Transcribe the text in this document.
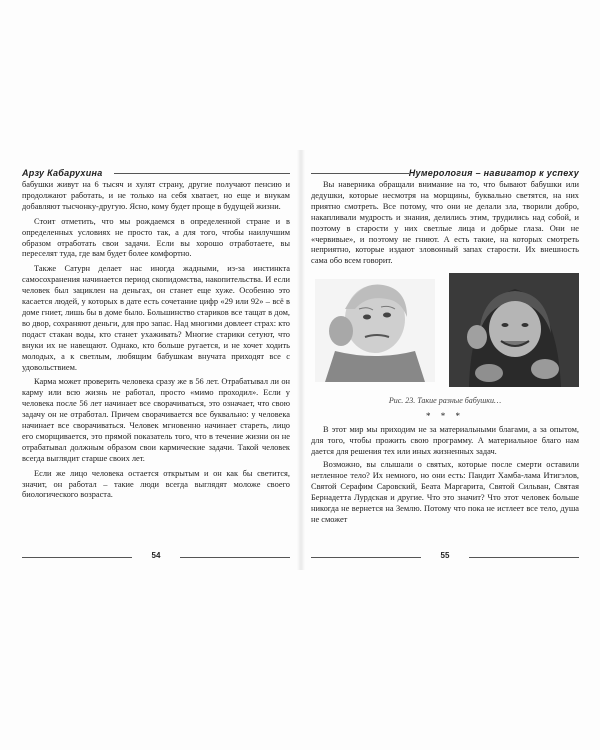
Арзу Кабарухина

бабушки живут на 6 тысяч и хулят страну, другие получают пенсию и продолжают работать, и не только на себя хватает, но еще и внукам добавляют тысчонку-другую. Ясно, кому будет проще в будущей жизни.

Стоит отметить, что мы рождаемся в определенной стране и в определенных условиях не просто так, а для того, чтобы наилучшим образом отработать свои задачи. Если вы хорошо отработаете, вы переселят туда, где вам будет более комфортно.

Также Сатурн делает нас иногда жадными, из-за инстинкта самосохранения начинается период скопидомства, накопительства. И если человек был зациклен на деньгах, он станет еще хуже. Особенно это касается людей, у которых в дате есть сочетание цифр «29 или 92» – всё в доме гниет, лишь бы в доме было. Большинство стариков все тащат в дом, во двор, сохраняют деньги, для про запас. Над многими довлеет страх: кто подаст стакан воды, кто станет ухаживать? Многие старики сетуют, что внуки их не навещают. Однако, кто больше ругается, и не хочет ходить молодых, а к светлым, любящим бабушкам внучата приходят все с удовольствием.

Карма может проверить человека сразу же в 56 лет. Отрабатывал ли он карму или всю жизнь не работал, просто «мимо проходил». Если у человека после 56 лет начинает все сворачиваться, это означает, что свою задачу он не отработал. Причем сворачивается все буквально: у человека начинает все сворачиваться. Человек мгновенно начинает стареть, лицо его сморщивается, это прямой показатель того, что в течение жизни он не отрабатывал должным образом свои кармические задачи. Такой человек всегда выглядит старше своих лет.

Если же лицо человека остается открытым и он как бы светится, значит, он работал – такие люди всегда выглядят моложе своего биологического возраста.

Нумерология – навигатор к успеху

Вы наверника обращали внимание на то, что бывают бабушки или дедушки, которые несмотря на морщины, буквально светятся, на них приятно смотреть. Все потому, что они не делали зла, творили добро, накапливали мудрость и знания, делились этим, трудились над собой, и поэтому в старости у них светлые лица и добрые глаза. Они не «червивые», и поэтому не гниют. А есть такие, на которых смотреть неприятно, которые издают зловонный запах старости. Их внешность сама обо всем говорит.

Рис. 23. Такие разные бабушки…
* * *

В этот мир мы приходим не за материальными благами, а за опытом, для того, чтобы прожить свою программу. А материальное благо нам дается для решения тех или иных жизненных задач.

Возможно, вы слышали о святых, которые после смерти оставили нетленное тело? Их немного, но они есть: Пандит Хамба-лама Итигэлов, Святой Серафим Саровский, Беата Маргарита, Святой Сильван, Святая Бернадетта Лурдская и другие. Что это значит? Что этот человек больше никогда не вернется на Землю. Потому что пока не истлеет все тело, душа не сможет

54	55
